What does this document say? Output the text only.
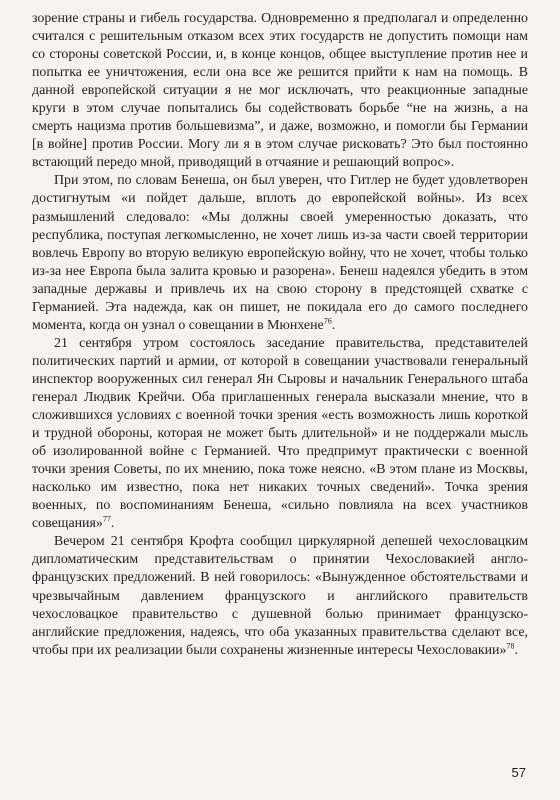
зорение страны и гибель государства. Одновременно я предполагал и определенно считался с решительным отказом всех этих государств не допустить помощи нам со стороны советской России, и, в конце концов, общее выступление против нее и попытка ее уничтожения, если она все же решится прийти к нам на помощь. В данной европейской ситуации я не мог исключать, что реакционные западные круги в этом случае попытались бы содействовать борьбе “не на жизнь, а на смерть нацизма против большевизма”, и даже, возможно, и помогли бы Германии [в войне] против России. Могу ли я в этом случае рисковать? Это был постоянно встающий передо мной, приводящий в отчаяние и решающий вопрос».

При этом, по словам Бенеша, он был уверен, что Гитлер не будет удовлетворен достигнутым «и пойдет дальше, вплоть до европейской войны». Из всех размышлений следовало: «Мы должны своей умеренностью доказать, что республика, поступая легкомысленно, не хочет лишь из-за части своей территории вовлечь Европу во вторую великую европейскую войну, что не хочет, чтобы только из-за нее Европа была залита кровью и разорена». Бенеш надеялся убедить в этом западные державы и привлечь их на свою сторону в предстоящей схватке с Германией. Эта надежда, как он пишет, не покидала его до самого последнего момента, когда он узнал о совещании в Мюнхене$^{76}$.

21 сентября утром состоялось заседание правительства, представителей политических партий и армии, от которой в совещании участвовали генеральный инспектор вооруженных сил генерал Ян Сыровы и начальник Генерального штаба генерал Людвик Крейчи. Оба приглашенных генерала высказали мнение, что в сложившихся условиях с военной точки зрения «есть возможность лишь короткой и трудной обороны, которая не может быть длительной» и не поддержали мысль об изолированной войне с Германией. Что предпримут практически с военной точки зрения Советы, по их мнению, пока тоже неясно. «В этом плане из Москвы, насколько им известно, пока нет никаких точных сведений». Точка зрения военных, по воспоминаниям Бенеша, «сильно повлияла на всех участников совещания»$^{77}$.

Вечером 21 сентября Крофта сообщил циркулярной депешей чехословацким дипломатическим представительствам о принятии Чехословакией англо-французских предложений. В ней говорилось: «Вынужденное обстоятельствами и чрезвычайным давлением французского и английского правительств чехословацкое правительство с душевной болью принимает французско-английские предложения, надеясь, что оба указанных правительства сделают все, чтобы при их реализации были сохранены жизненные интересы Чехословакии»$^{78}$.

57
